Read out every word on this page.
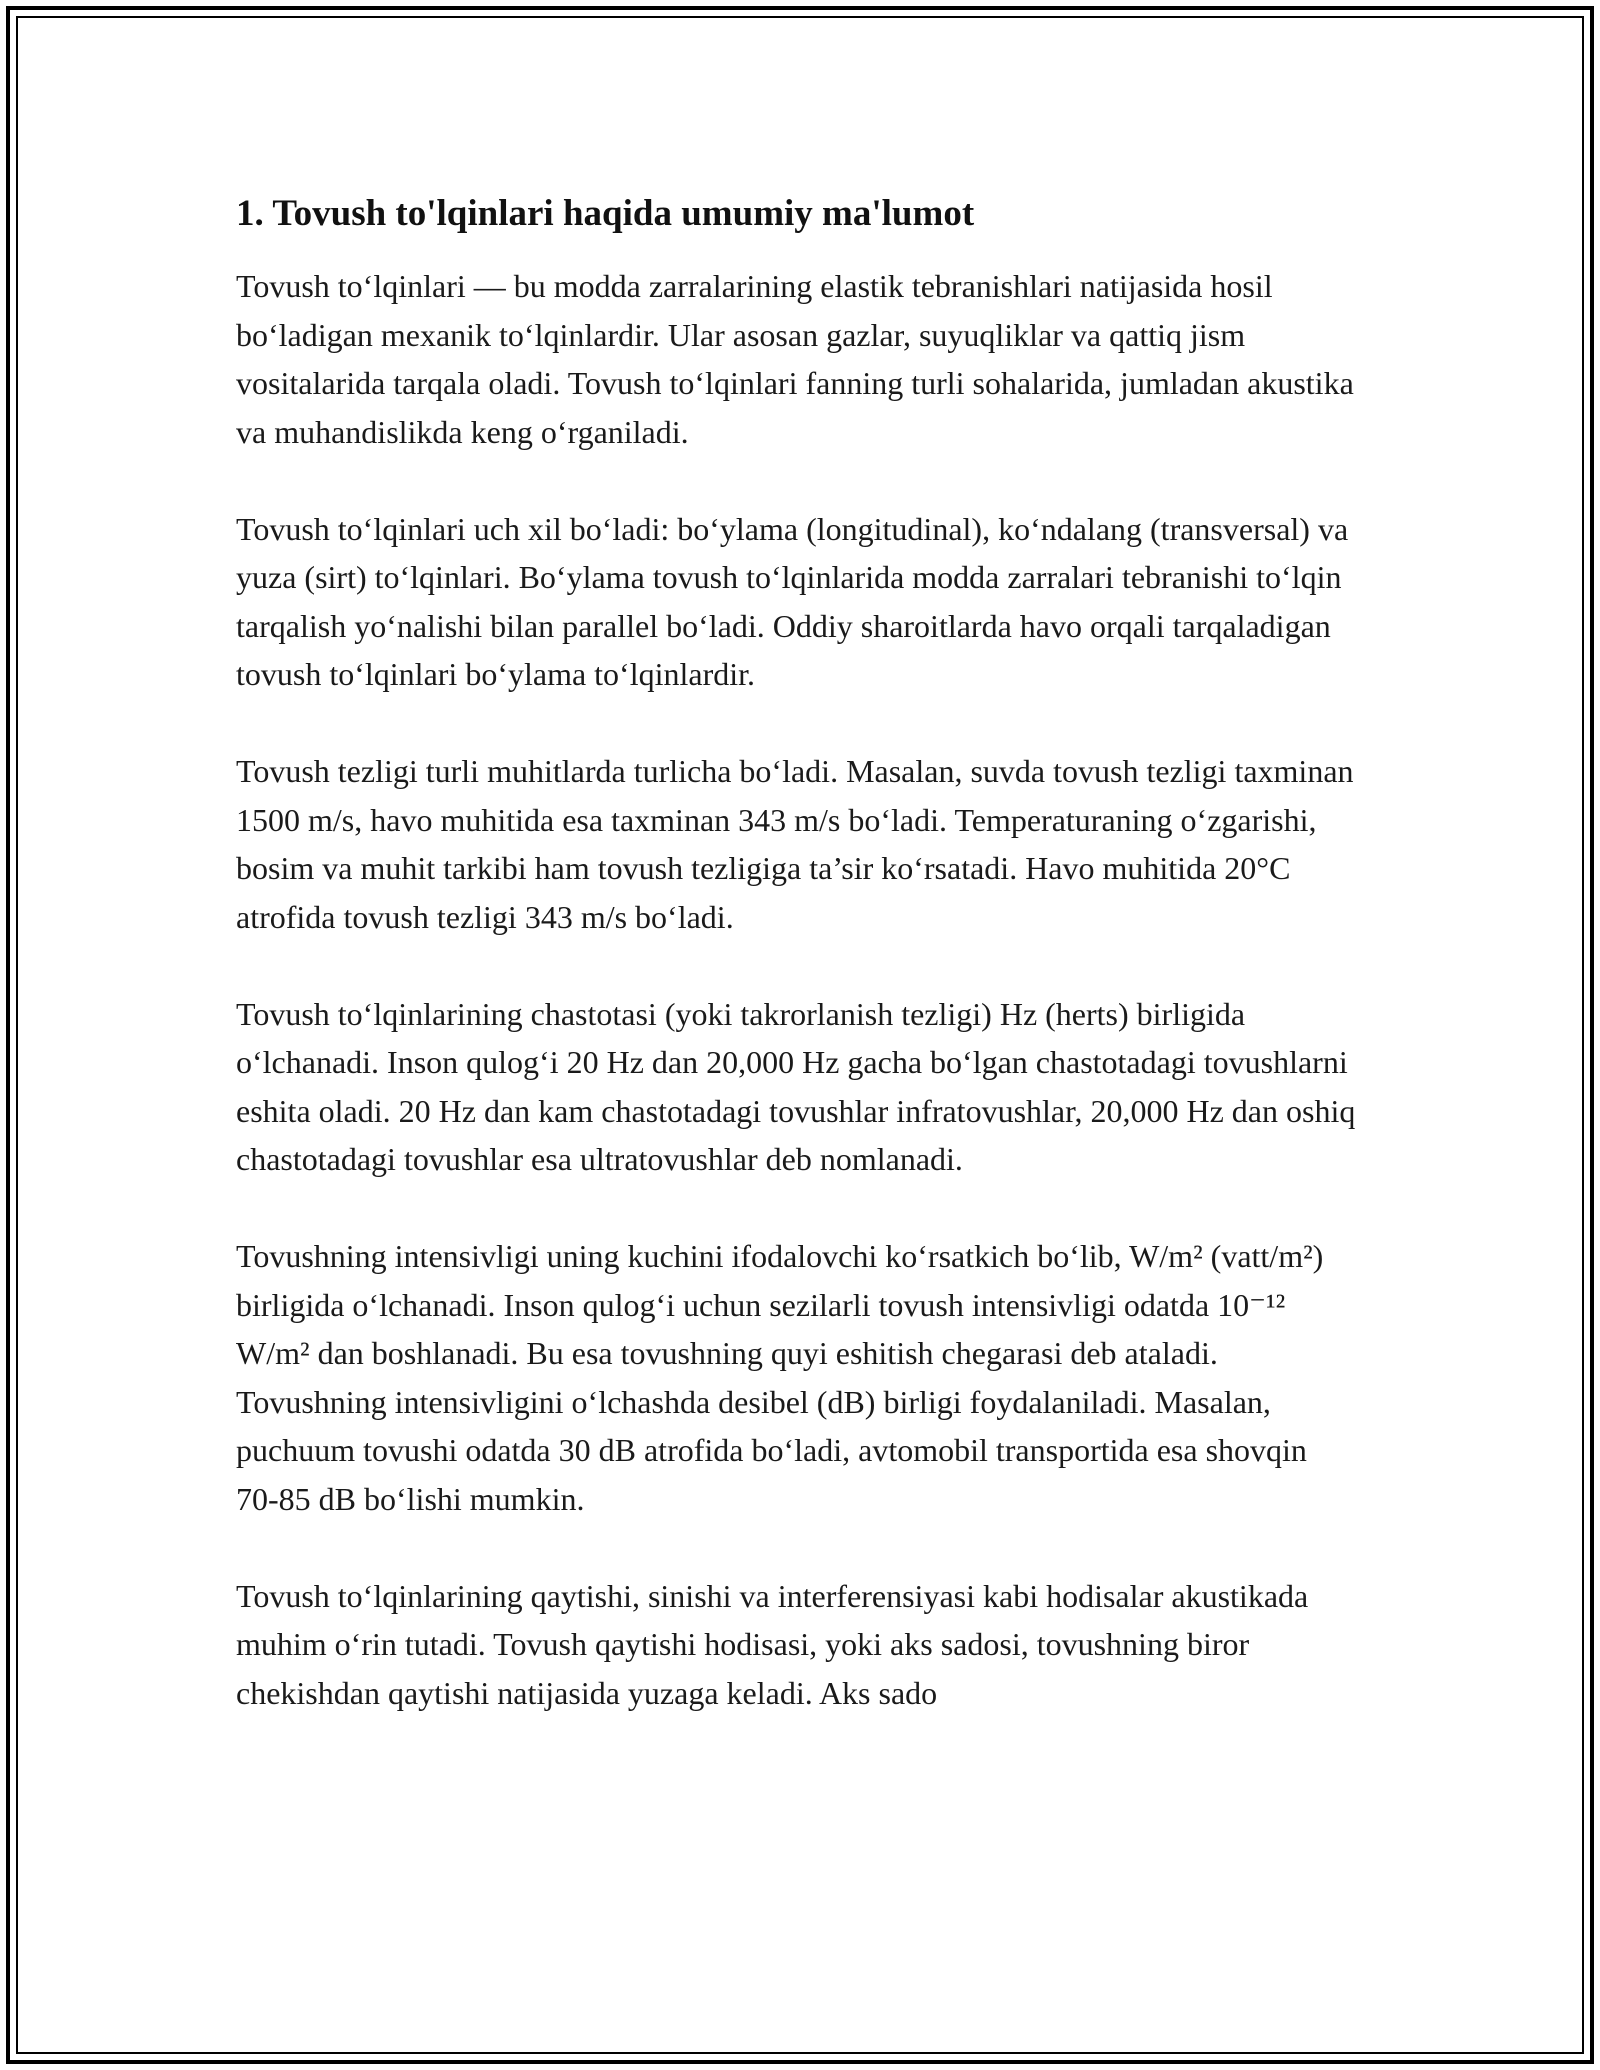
1. Tovush to'lqinlari haqida umumiy ma'lumot

Tovush to‘lqinlari — bu modda zarralarining elastik tebranishlari natijasida hosil bo‘ladigan mexanik to‘lqinlardir. Ular asosan gazlar, suyuqliklar va qattiq jism vositalarida tarqala oladi. Tovush to‘lqinlari fanning turli sohalarida, jumladan akustika va muhandislikda keng o‘rganiladi.

Tovush to‘lqinlari uch xil bo‘ladi: bo‘ylama (longitudinal), ko‘ndalang (transversal) va yuza (sirt) to‘lqinlari. Bo‘ylama tovush to‘lqinlarida modda zarralari tebranishi to‘lqin tarqalish yo‘nalishi bilan parallel bo‘ladi. Oddiy sharoitlarda havo orqali tarqaladigan tovush to‘lqinlari bo‘ylama to‘lqinlardir.

Tovush tezligi turli muhitlarda turlicha bo‘ladi. Masalan, suvda tovush tezligi taxminan 1500 m/s, havo muhitida esa taxminan 343 m/s bo‘ladi. Temperaturaning o‘zgarishi, bosim va muhit tarkibi ham tovush tezligiga ta’sir ko‘rsatadi. Havo muhitida 20°C atrofida tovush tezligi 343 m/s bo‘ladi.

Tovush to‘lqinlarining chastotasi (yoki takrorlanish tezligi) Hz (herts) birligida o‘lchanadi. Inson qulog‘i 20 Hz dan 20,000 Hz gacha bo‘lgan chastotadagi tovushlarni eshita oladi. 20 Hz dan kam chastotadagi tovushlar infratovushlar, 20,000 Hz dan oshiq chastotadagi tovushlar esa ultratovushlar deb nomlanadi.

Tovushning intensivligi uning kuchini ifodalovchi ko‘rsatkich bo‘lib, W/m² (vatt/m²) birligida o‘lchanadi. Inson qulog‘i uchun sezilarli tovush intensivligi odatda 10⁻¹² W/m² dan boshlanadi. Bu esa tovushning quyi eshitish chegarasi deb ataladi. Tovushning intensivligini o‘lchashda desibel (dB) birligi foydalaniladi. Masalan, puchuum tovushi odatda 30 dB atrofida bo‘ladi, avtomobil transportida esa shovqin 70-85 dB bo‘lishi mumkin.

Tovush to‘lqinlarining qaytishi, sinishi va interferensiyasi kabi hodisalar akustikada muhim o‘rin tutadi. Tovush qaytishi hodisasi, yoki aks sadosi, tovushning biror chekishdan qaytishi natijasida yuzaga keladi. Aks sado
